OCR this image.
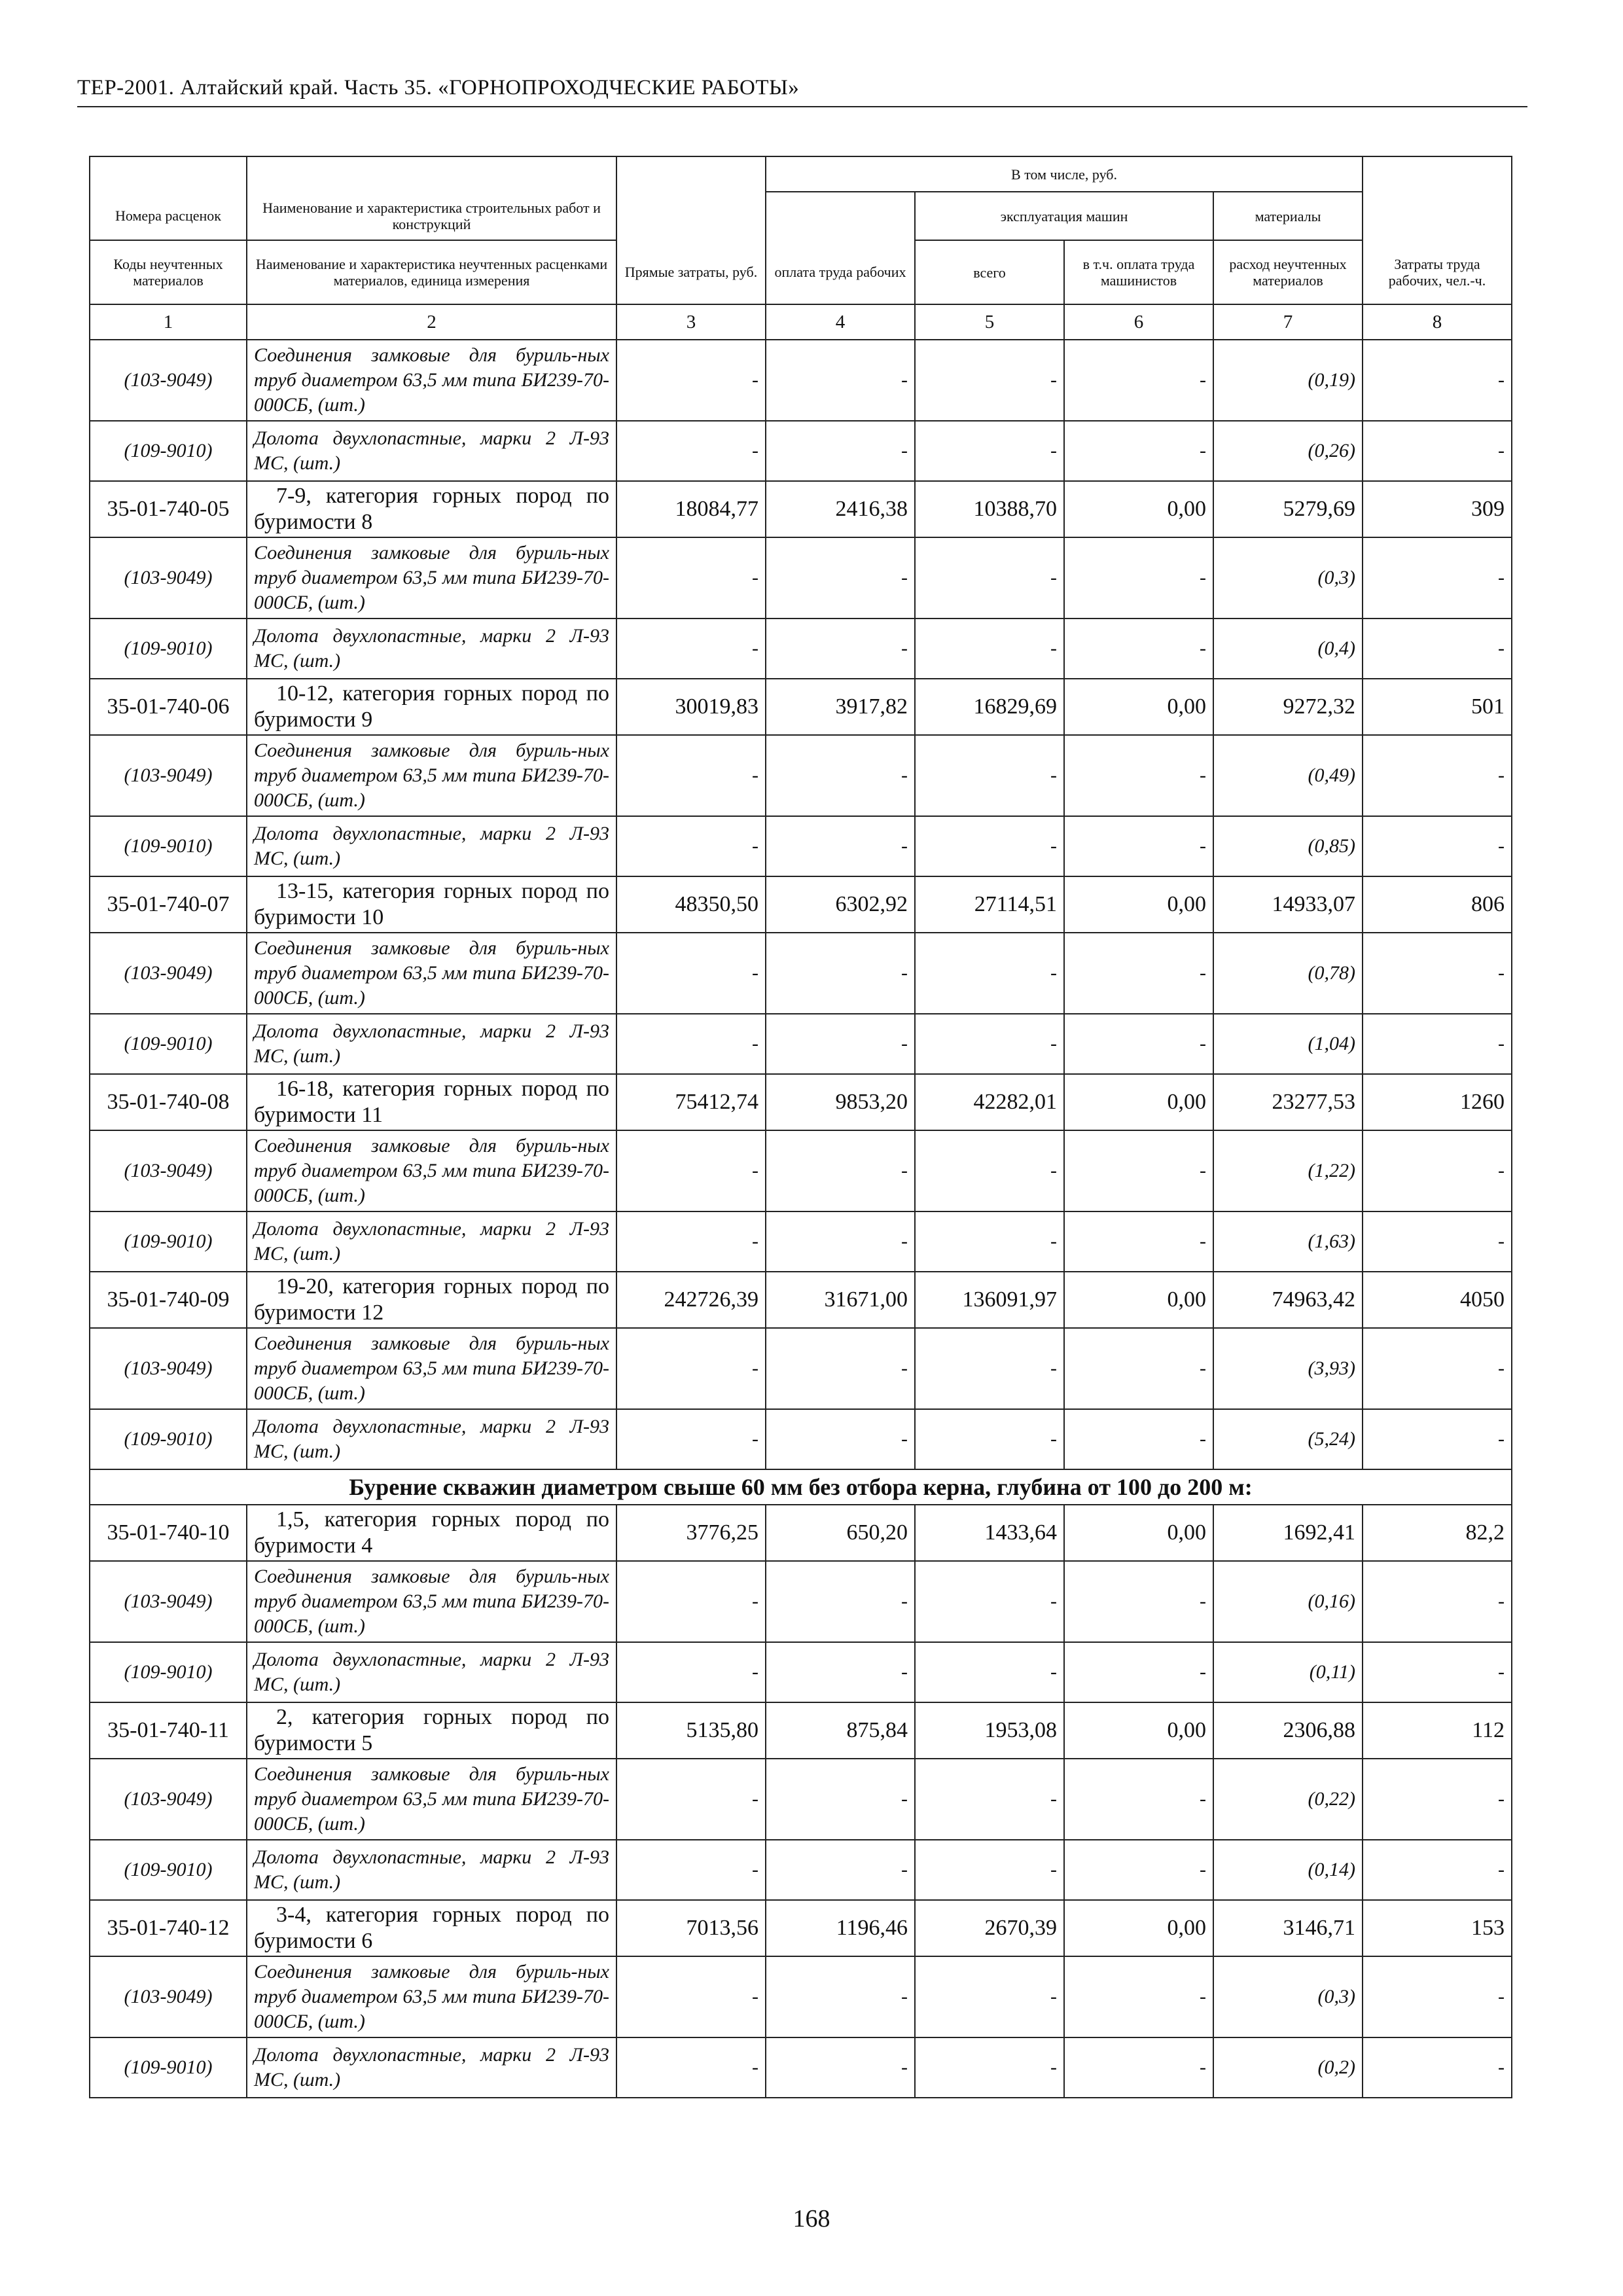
ТЕР-2001. Алтайский край. Часть 35. «ГОРНОПРОХОДЧЕСКИЕ РАБОТЫ»
			В том числе, руб.				
Номера расценок	Наименование и характеристика строительных работ и конструкций			эксплуатация машин		материалы	
Коды неучтенных материалов	Наименование и характеристика неучтенных расценками материалов, единица измерения	Прямые затраты, руб.	оплата труда рабочих	всего	в т.ч. оплата труда машинистов	расход неучтенных материалов	Затраты труда рабочих, чел.-ч.
1	2	3	4	5	6	7	8
(103-9049)	Соединения замковые для буриль-ных труб диаметром 63,5 мм типа БИ239-70-000СБ, (шт.)	-	-	-	-	(0,19)	-
(109-9010)	Долота двухлопастные, марки 2 Л-93 МС, (шт.)	-	-	-	-	(0,26)	-
35-01-740-05	7-9, категория горных пород по буримости 8	18084,77	2416,38	10388,70	0,00	5279,69	309
(103-9049)	Соединения замковые для буриль-ных труб диаметром 63,5 мм типа БИ239-70-000СБ, (шт.)	-	-	-	-	(0,3)	-
(109-9010)	Долота двухлопастные, марки 2 Л-93 МС, (шт.)	-	-	-	-	(0,4)	-
35-01-740-06	10-12, категория горных пород по буримости 9	30019,83	3917,82	16829,69	0,00	9272,32	501
(103-9049)	Соединения замковые для буриль-ных труб диаметром 63,5 мм типа БИ239-70-000СБ, (шт.)	-	-	-	-	(0,49)	-
(109-9010)	Долота двухлопастные, марки 2 Л-93 МС, (шт.)	-	-	-	-	(0,85)	-
35-01-740-07	13-15, категория горных пород по буримости 10	48350,50	6302,92	27114,51	0,00	14933,07	806
(103-9049)	Соединения замковые для буриль-ных труб диаметром 63,5 мм типа БИ239-70-000СБ, (шт.)	-	-	-	-	(0,78)	-
(109-9010)	Долота двухлопастные, марки 2 Л-93 МС, (шт.)	-	-	-	-	(1,04)	-
35-01-740-08	16-18, категория горных пород по буримости 11	75412,74	9853,20	42282,01	0,00	23277,53	1260
(103-9049)	Соединения замковые для буриль-ных труб диаметром 63,5 мм типа БИ239-70-000СБ, (шт.)	-	-	-	-	(1,22)	-
(109-9010)	Долота двухлопастные, марки 2 Л-93 МС, (шт.)	-	-	-	-	(1,63)	-
35-01-740-09	19-20, категория горных пород по буримости 12	242726,39	31671,00	136091,97	0,00	74963,42	4050
(103-9049)	Соединения замковые для буриль-ных труб диаметром 63,5 мм типа БИ239-70-000СБ, (шт.)	-	-	-	-	(3,93)	-
(109-9010)	Долота двухлопастные, марки 2 Л-93 МС, (шт.)	-	-	-	-	(5,24)	-
Бурение скважин диаметром свыше 60 мм без отбора керна, глубина от 100 до 200 м:							
35-01-740-10	1,5, категория горных пород по буримости 4	3776,25	650,20	1433,64	0,00	1692,41	82,2
(103-9049)	Соединения замковые для буриль-ных труб диаметром 63,5 мм типа БИ239-70-000СБ, (шт.)	-	-	-	-	(0,16)	-
(109-9010)	Долота двухлопастные, марки 2 Л-93 МС, (шт.)	-	-	-	-	(0,11)	-
35-01-740-11	2, категория горных пород по буримости 5	5135,80	875,84	1953,08	0,00	2306,88	112
(103-9049)	Соединения замковые для буриль-ных труб диаметром 63,5 мм типа БИ239-70-000СБ, (шт.)	-	-	-	-	(0,22)	-
(109-9010)	Долота двухлопастные, марки 2 Л-93 МС, (шт.)	-	-	-	-	(0,14)	-
35-01-740-12	3-4, категория горных пород по буримости 6	7013,56	1196,46	2670,39	0,00	3146,71	153
(103-9049)	Соединения замковые для буриль-ных труб диаметром 63,5 мм типа БИ239-70-000СБ, (шт.)	-	-	-	-	(0,3)	-
(109-9010)	Долота двухлопастные, марки 2 Л-93 МС, (шт.)	-	-	-	-	(0,2)	-
168
